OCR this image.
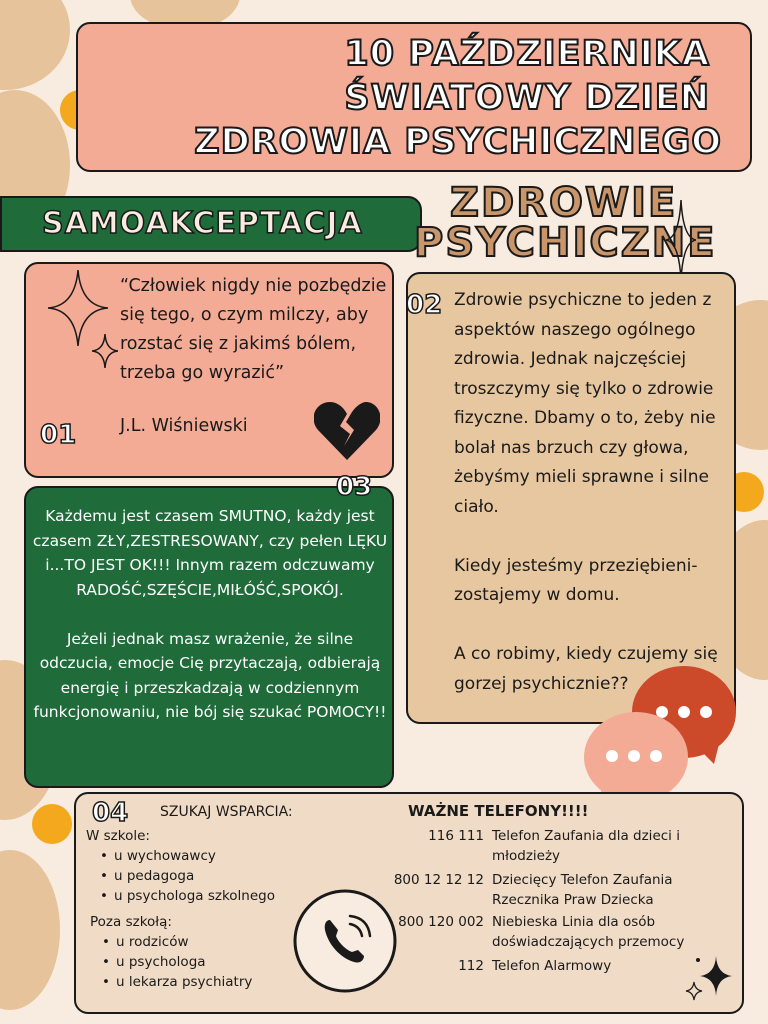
10 PAŹDZIERNIKA
ŚWIATOWY DZIEŃ
ZDROWIA PSYCHICZNEGO
SAMOAKCEPTACJA ZDROWIE
PSYCHICZNE
“Człowiek nigdy nie pozbędzie się tego, o czym milczy, aby rozstać się z jakimś bólem, trzeba go wyrazić”
J.L. Wiśniewski
01
02 Zdrowie psychiczne to jeden z aspektów naszego ogólnego zdrowia. Jednak najczęściej troszczymy się tylko o zdrowie fizyczne. Dbamy o to, żeby nie bolał nas brzuch czy głowa, żebyśmy mieli sprawne i silne ciało.

Kiedy jesteśmy przeziębieni- zostajemy w domu.

A co robimy, kiedy czujemy się gorzej psychicznie??

Każdemu jest czasem SMUTNO, każdy jest czasem ZŁY,ZESTRESOWANY, czy pełen LĘKU i...TO JEST OK!!! Innym razem odczuwamy RADOŚĆ,SZĘŚCIE,MIŁÓŚĆ,SPOKÓJ.

Jeżeli jednak masz wrażenie, że silne odczucia, emocje Cię przytaczają, odbierają energię i przeszkadzają w codziennym funkcjonowaniu, nie bój się szukać POMOCY!!

03
04 SZUKAJ WSPARCIA:
W szkole:
• u wychowawcy
• u pedagoga
• u psychologa szkolnego
Poza szkołą:
• u rodziców
• u psychologa
• u lekarza psychiatry
WAŻNE TELEFONY!!!!
116 111 Telefon Zaufania dla dzieci i młodzieży
800 12 12 12 Dziecięcy Telefon Zaufania Rzecznika Praw Dziecka
800 120 002 Niebieska Linia dla osób doświadczających przemocy
112 Telefon Alarmowy
